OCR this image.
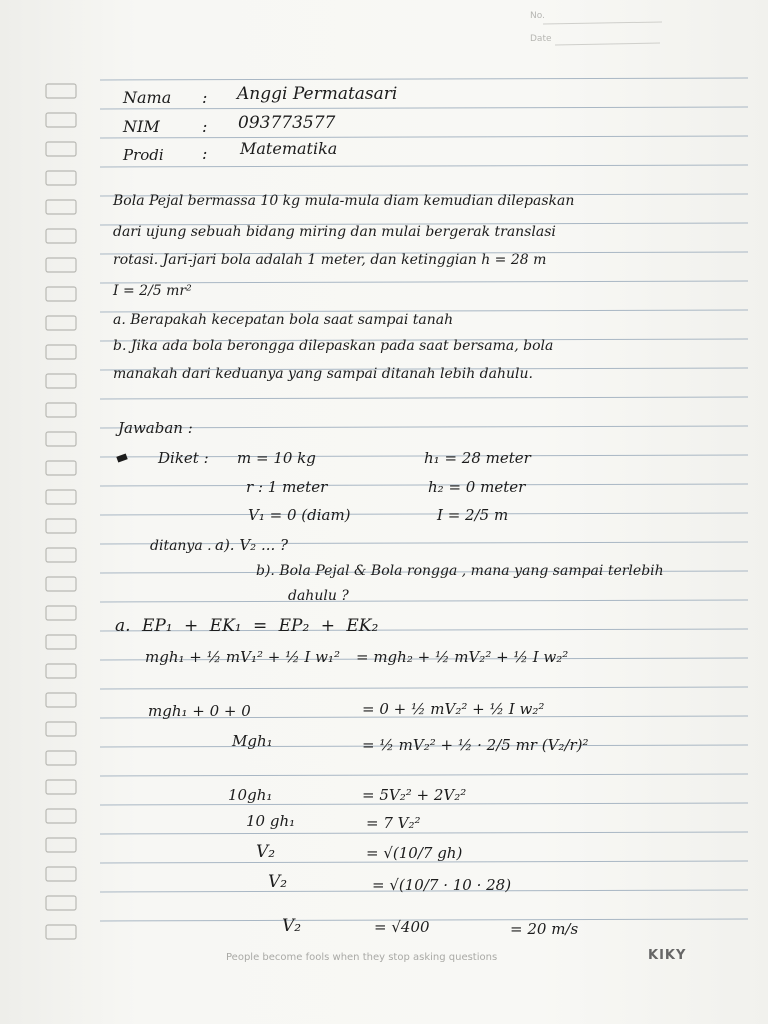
No.
Date
Nama : Anggi Permatasari
NIM	: 093773577
Prodi : Matematika
Bola Pejal bermassa 10 kg mula-mula diam kemudian dilepaskan
dari ujung sebuah bidang miring dan mulai bergerak translasi
rotasi. Jari-jari bola adalah 1 meter, dan ketinggian h = 28 m
I = 2/5 mr²
a. Berapakah kecepatan bola saat sampai tanah
b. Jika ada bola berongga dilepaskan pada saat bersama, bola
manakah dari keduanya yang sampai ditanah lebih dahulu.
Jawaban :
Diket : m = 10 kg	h₁ = 28 meter
r : 1 meter	h₂ = 0 meter
V₁ = 0 (diam)	I = 2/5 m
ditanya . a). V₂ ... ?
b). Bola Pejal & Bola rongga , mana yang sampai terlebih
dahulu ?
a. EP₁ + EK₁ = EP₂ + EK₂
mgh₁ + ½ mV₁² + ½ I w₁² = mgh₂ + ½ mV₂² + ½ I w₂²
mgh₁ + 0 + 0	= 0 + ½ mV₂² + ½ I w₂²
Mgh₁	= ½ mV₂² + ½ · 2/5 mr (V₂/r)²
10gh₁	= 5V₂² + 2V₂²
10 gh₁	= 7 V₂²
V₂	= √(10/7 gh)
V₂	= √(10/7 · 10 · 28)
V₂	= √400	= 20 m/s
People become fools when they stop asking questions	KIKY
